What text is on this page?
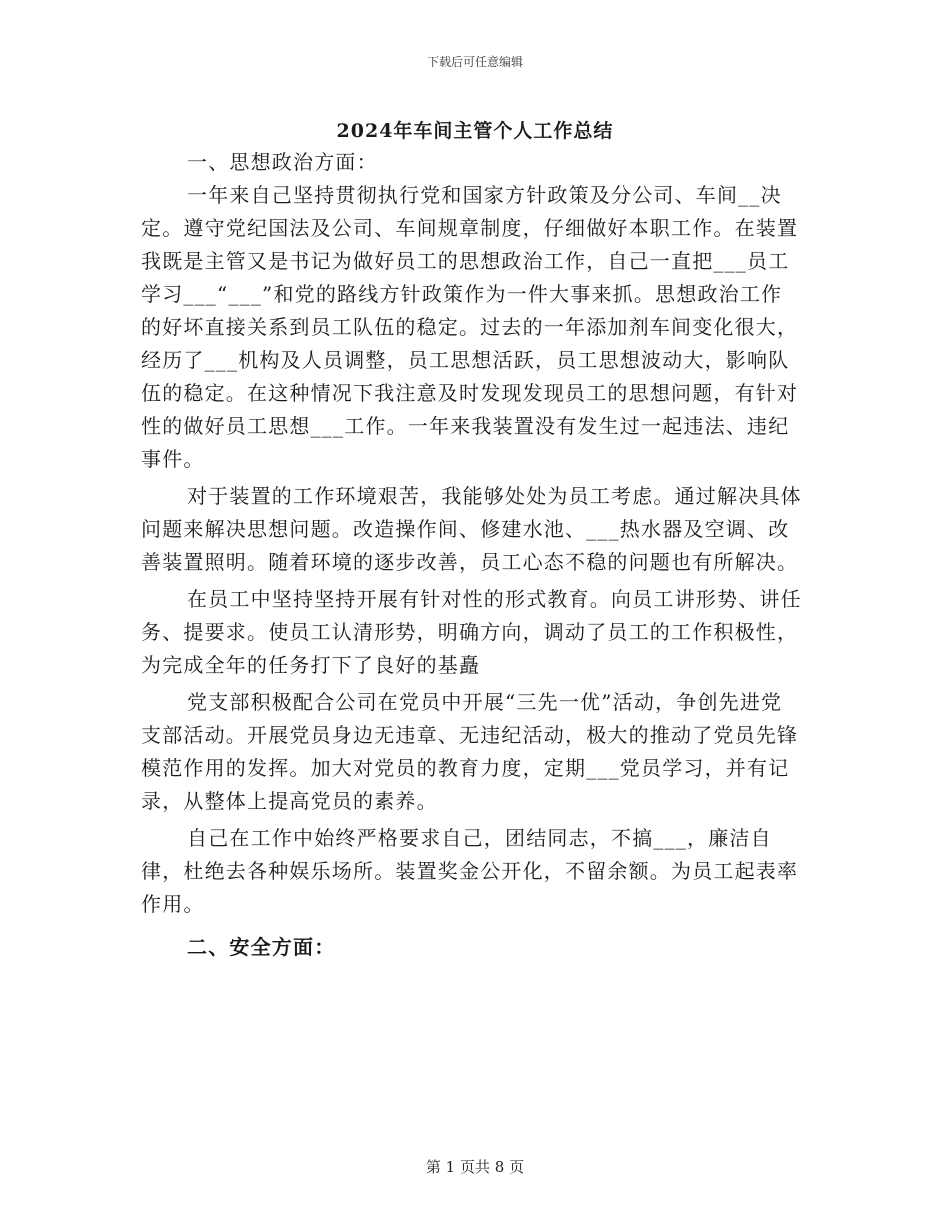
下载后可任意编辑
2024年车间主管个人工作总结

一、思想政治方面：

一年来自己坚持贯彻执行党和国家方针政策及分公司、车间__决定。遵守党纪国法及公司、车间规章制度，仔细做好本职工作。在装置我既是主管又是书记为做好员工的思想政治工作，自己一直把___员工学习___“___”和党的路线方针政策作为一件大事来抓。思想政治工作的好坏直接关系到员工队伍的稳定。过去的一年添加剂车间变化很大，经历了___机构及人员调整，员工思想活跃，员工思想波动大，影响队伍的稳定。在这种情况下我注意及时发现发现员工的思想问题，有针对性的做好员工思想___工作。一年来我装置没有发生过一起违法、违纪事件。

对于装置的工作环境艰苦，我能够处处为员工考虑。通过解决具体问题来解决思想问题。改造操作间、修建水池、___热水器及空调、改善装置照明。随着环境的逐步改善，员工心态不稳的问题也有所解决。

在员工中坚持坚持开展有针对性的形式教育。向员工讲形势、讲任务、提要求。使员工认清形势，明确方向，调动了员工的工作积极性，为完成全年的任务打下了良好的基矗

党支部积极配合公司在党员中开展“三先一优”活动，争创先进党支部活动。开展党员身边无违章、无违纪活动，极大的推动了党员先锋模范作用的发挥。加大对党员的教育力度，定期___党员学习，并有记录，从整体上提高党员的素养。

自己在工作中始终严格要求自己，团结同志，不搞___，廉洁自律，杜绝去各种娱乐场所。装置奖金公开化，不留余额。为员工起表率作用。

二、安全方面：

第 1 页共 8 页
